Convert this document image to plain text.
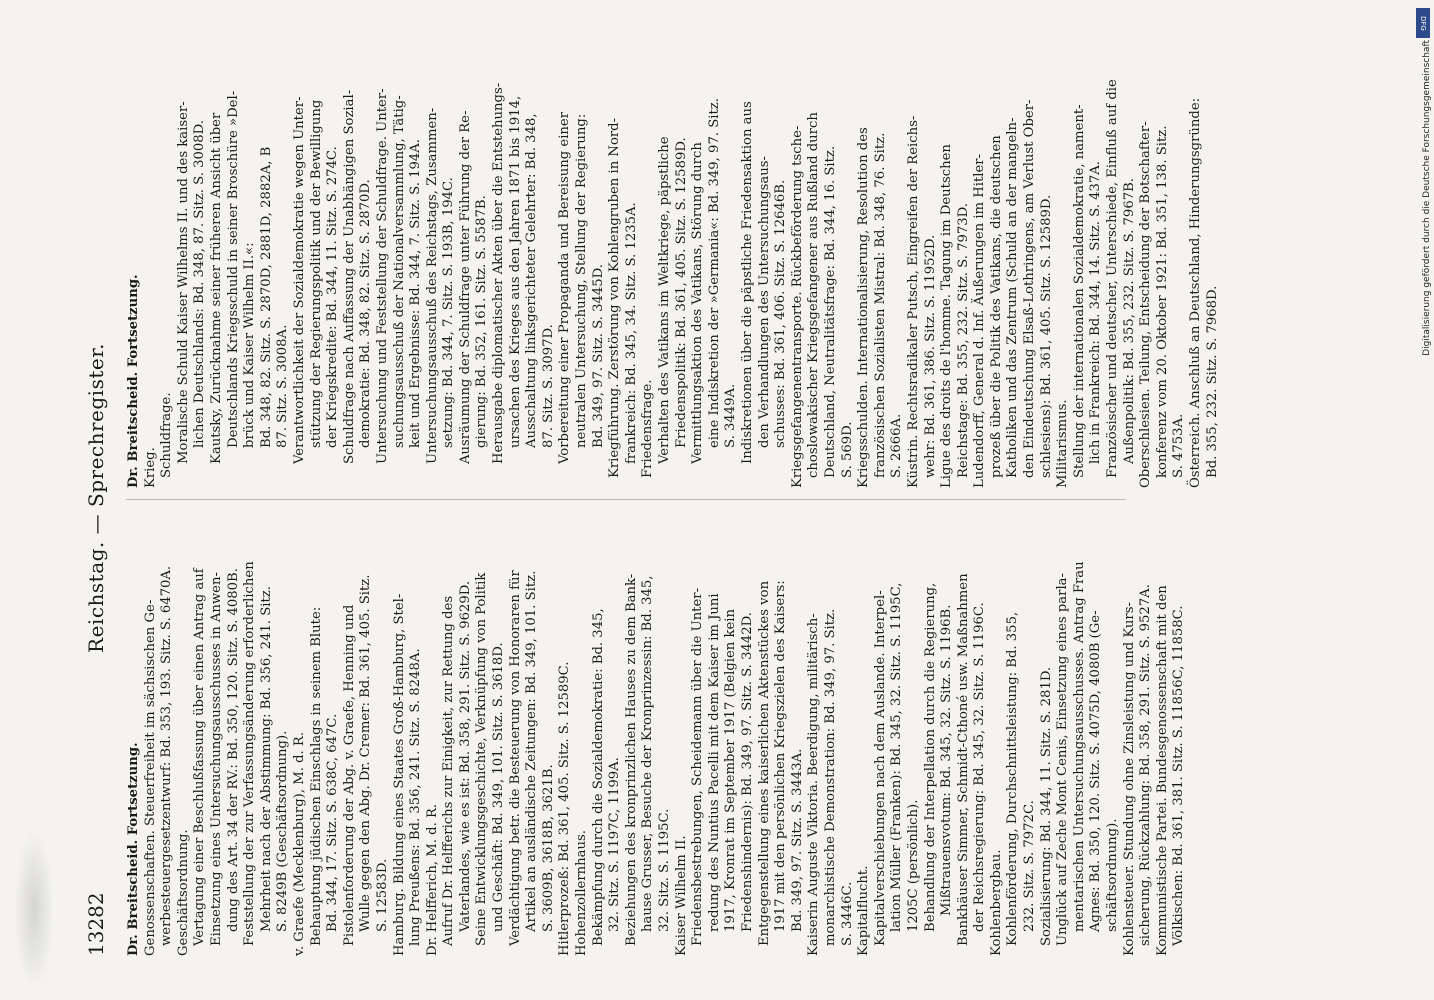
13282
Reichstag. — Sprechregister.
Dr. Breitscheid. Fortsetzung. Genossenschaften. Steuerfreiheit im sächsischen Ge- werbesteuergesetzentwurf: Bd. 353, 193. Sitz. S. 6470A. Geschäftsordnung. Vertagung einer Beschlußfassung über einen Antrag auf Einsetzung eines Untersuchungsausschusses in Anwen- dung des Art. 34 der RV.: Bd. 350, 120. Sitz. S. 4080B. Feststellung der zur Verfassungsänderung erforderlichen Mehrheit nach der Abstimmung: Bd. 356, 241. Sitz. S. 8249B (Geschäftsordnung). v. Graefe (Mecklenburg), M. d. R. Behauptung jüdischen Einschlags in seinem Blute: Bd. 344, 17. Sitz. S. 638C, 647C. Pistolenforderung der Abg. v. Graefe, Henning und Wulle gegen den Abg. Dr. Cremer: Bd. 361, 405. Sitz. S. 12583D. Hamburg. Bildung eines Staates Groß-Hamburg, Stel- lung Preußens: Bd. 356, 241. Sitz. S. 8248A. Dr. Helfferich, M. d. R. Aufruf Dr. Helfferichs zur Einigkeit, zur Rettung des Vaterlandes, wie es ist: Bd. 358, 291. Sitz. S. 9629D. Seine Entwicklungsgeschichte, Verknüpfung von Politik und Geschäft: Bd. 349, 101. Sitz. S. 3618D. Verdächtigung betr. die Besteuerung von Honoraren für Artikel an ausländische Zeitungen: Bd. 349, 101. Sitz. S. 3609B, 3618B, 3621B. Hitlerprozeß: Bd. 361, 405. Sitz. S. 12589C. Hohenzollernhaus. Bekämpfung durch die Sozialdemokratie: Bd. 345, 32. Sitz. S. 1197C, 1199A. Beziehungen des kronprinzlichen Hauses zu dem Bank- hause Grusser, Besuche der Kronprinzessin: Bd. 345, 32. Sitz. S. 1195C. Kaiser Wilhelm II. Friedensbestrebungen, Scheidemann über die Unter- redung des Nuntius Pacelli mit dem Kaiser im Juni 1917, Kronrat im September 1917 (Belgien kein Friedenshindernis): Bd. 349, 97. Sitz. S. 3442D. Entgegenstellung eines kaiserlichen Aktenstückes von 1917 mit den persönlichen Kriegszielen des Kaisers: Bd. 349, 97. Sitz. S. 3443A. Kaiserin Auguste Viktoria. Beerdigung, militärisch- monarchistische Demonstration: Bd. 349, 97. Sitz. S. 3446C. Kapitalflucht. Kapitalverschiebungen nach dem Auslande. Interpel- lation Müller (Franken): Bd. 345, 32. Sitz. S. 1195C, 1205C (persönlich). Behandlung der Interpellation durch die Regierung, Mißtrauensvotum: Bd. 345, 32. Sitz. S. 1196B. Bankhäuser Simmer, Schmidt-Cthoné usw. Maßnahmen der Reichsregierung: Bd. 345, 32. Sitz. S. 1196C. Kohlenbergbau. Kohlenförderung, Durchschnittsleistung: Bd. 355, 232. Sitz. S. 7972C. Sozialisierung: Bd. 344, 11. Sitz. S. 281D. Unglück auf Zeche Mont Cenis, Einsetzung eines parla- mentarischen Untersuchungsausschusses. Antrag Frau Agnes: Bd. 350, 120. Sitz. S. 4075D, 4080B (Ge- schäftsordnung). Kohlensteuer. Stundung ohne Zinsleistung und Kurs- sicherung, Rückzahlung: Bd. 358, 291. Sitz. S. 9527A. Kommunistische Partei. Bundesgenossenschaft mit den Völkischen: Bd. 361, 381. Sitz. S. 11856C, 11858C.
Dr. Breitscheid. Fortsetzung. Krieg. Schuldfrage. Moralische Schuld Kaiser Wilhelms II. und des kaiser- lichen Deutschlands: Bd. 348, 87. Sitz. S. 3008D. Kautsky, Zurücknahme seiner früheren Ansicht über Deutschlands Kriegsschuld in seiner Broschüre »Del- brück und Kaiser Wilhelm II.«: Bd. 348, 82. Sitz. S. 2870D, 2881D, 2882A, B 87. Sitz. S. 3008A. Verantwortlichkeit der Sozialdemokratie wegen Unter- stützung der Regierungspolitik und der Bewilligung der Kriegskredite: Bd. 344, 11. Sitz. S. 274C. Schuldfrage nach Auffassung der Unabhängigen Sozial- demokratie: Bd. 348, 82. Sitz. S. 2870D. Untersuchung und Feststellung der Schuldfrage. Unter- suchungsausschuß der Nationalversammlung, Tätig- keit und Ergebnisse: Bd. 344, 7. Sitz. S. 194A. Untersuchungsausschuß des Reichstags, Zusammen- setzung: Bd. 344, 7. Sitz. S. 193B, 194C. Ausräumung der Schuldfrage unter Führung der Re- gierung: Bd. 352, 161. Sitz. S. 5587B. Herausgabe diplomatischer Akten über die Entstehungs- ursachen des Krieges aus den Jahren 1871 bis 1914, Ausschaltung linksgerichteter Gelehrter: Bd. 348, 87. Sitz. S. 3097D. Vorbereitung einer Propaganda und Bereisung einer neutralen Untersuchung, Stellung der Regierung: Bd. 349, 97. Sitz. S. 3445D. Kriegführung. Zerstörung von Kohlengruben in Nord- frankreich: Bd. 345, 34. Sitz. S. 1235A. Friedensfrage. Verhalten des Vatikans im Weltkriege, päpstliche Friedenspolitik: Bd. 361, 405. Sitz. S. 12589D. Vermittlungsaktion des Vatikans, Störung durch eine Indiskretion der »Germania«: Bd. 349, 97. Sitz. S. 3449A. Indiskretionen über die päpstliche Friedensaktion aus den Verhandlungen des Untersuchungsaus- schusses: Bd. 361, 406. Sitz. S. 12646B. Kriegsgefangenentransporte. Rückbeförderung tsche- choslowakischer Kriegsgefangener aus Rußland durch Deutschland, Neutralitätsfrage: Bd. 344, 16. Sitz. S. 569D. Kriegsschulden. Internationalisierung, Resolution des französischen Sozialisten Mistral: Bd. 348, 76. Sitz. S. 2666A. Küstrin. Rechtsradikaler Putsch, Eingreifen der Reichs- wehr: Bd. 361, 386. Sitz. S. 11952D. Ligue des droits de l'homme. Tagung im Deutschen Reichstage: Bd. 355, 232. Sitz. S. 7973D. Ludendorff, General d. Inf. Äußerungen im Hitler- prozeß über die Politik des Vatikans, die deutschen Katholiken und das Zentrum (Schuld an der mangeln- den Eindeutschung Elsaß-Lothringens, am Verlust Ober- schlesiens): Bd. 361, 405. Sitz. S. 12589D. Militarismus. Stellung der internationalen Sozialdemokratie, nament- lich in Frankreich: Bd. 344, 14. Sitz. S. 437A. Französischer und deutscher, Unterschiede, Einfluß auf die Außenpolitik: Bd. 355, 232. Sitz. S. 7967B. Oberschlesien. Teilung, Entscheidung der Botschafter- konferenz vom 20. Oktober 1921: Bd. 351, 138. Sitz. S. 4753A. Österreich. Anschluß an Deutschland, Hinderungsgründe: Bd. 355, 232. Sitz. S. 7968D.
DFG
Digitalisierung gefördert durch die Deutsche Forschungsgemeinschaft
